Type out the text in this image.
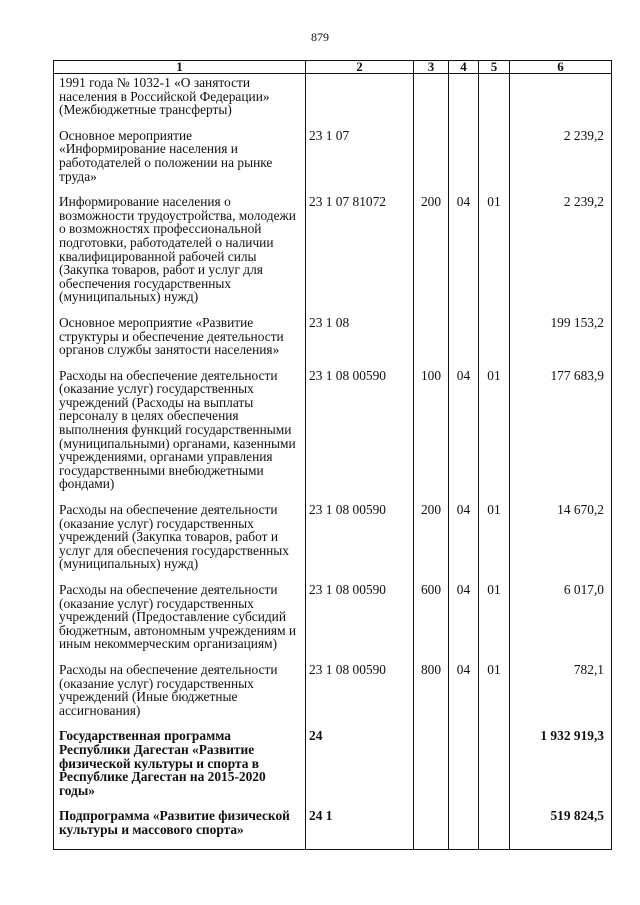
879
1	2	3	4	5	6
1991 года № 1032-1 «О занятости населения в Российской Федерации» (Межбюджетные трансферты)					
Основное мероприятие «Информирование населения и работодателей о положении на рынке труда»	23 1 07				2 239,2
Информирование населения о возможности трудоустройства, молодежи о возможностях профессиональной подготовки, работодателей о наличии квалифицированной рабочей силы (Закупка товаров, работ и услуг для обеспечения государственных (муниципальных) нужд)	23 1 07 81072	200	04	01	2 239,2
Основное мероприятие «Развитие структуры и обеспечение деятельности органов службы занятости населения»	23 1 08				199 153,2
Расходы на обеспечение деятельности (оказание услуг) государственных учреждений (Расходы на выплаты персоналу в целях обеспечения выполнения функций государственными (муниципальными) органами, казенными учреждениями, органами управления государственными внебюджетными фондами)	23 1 08 00590	100	04	01	177 683,9
Расходы на обеспечение деятельности (оказание услуг) государственных учреждений (Закупка товаров, работ и услуг для обеспечения государственных (муниципальных) нужд)	23 1 08 00590	200	04	01	14 670,2
Расходы на обеспечение деятельности (оказание услуг) государственных учреждений (Предоставление субсидий бюджетным, автономным учреждениям и иным некоммерческим организациям)	23 1 08 00590	600	04	01	6 017,0
Расходы на обеспечение деятельности (оказание услуг) государственных учреждений (Иные бюджетные ассигнования)	23 1 08 00590	800	04	01	782,1
Государственная программа Республики Дагестан «Развитие физической культуры и спорта в Республике Дагестан на 2015-2020 годы»	24				1 932 919,3
Подпрограмма «Развитие физической культуры и массового спорта»	24 1				519 824,5
